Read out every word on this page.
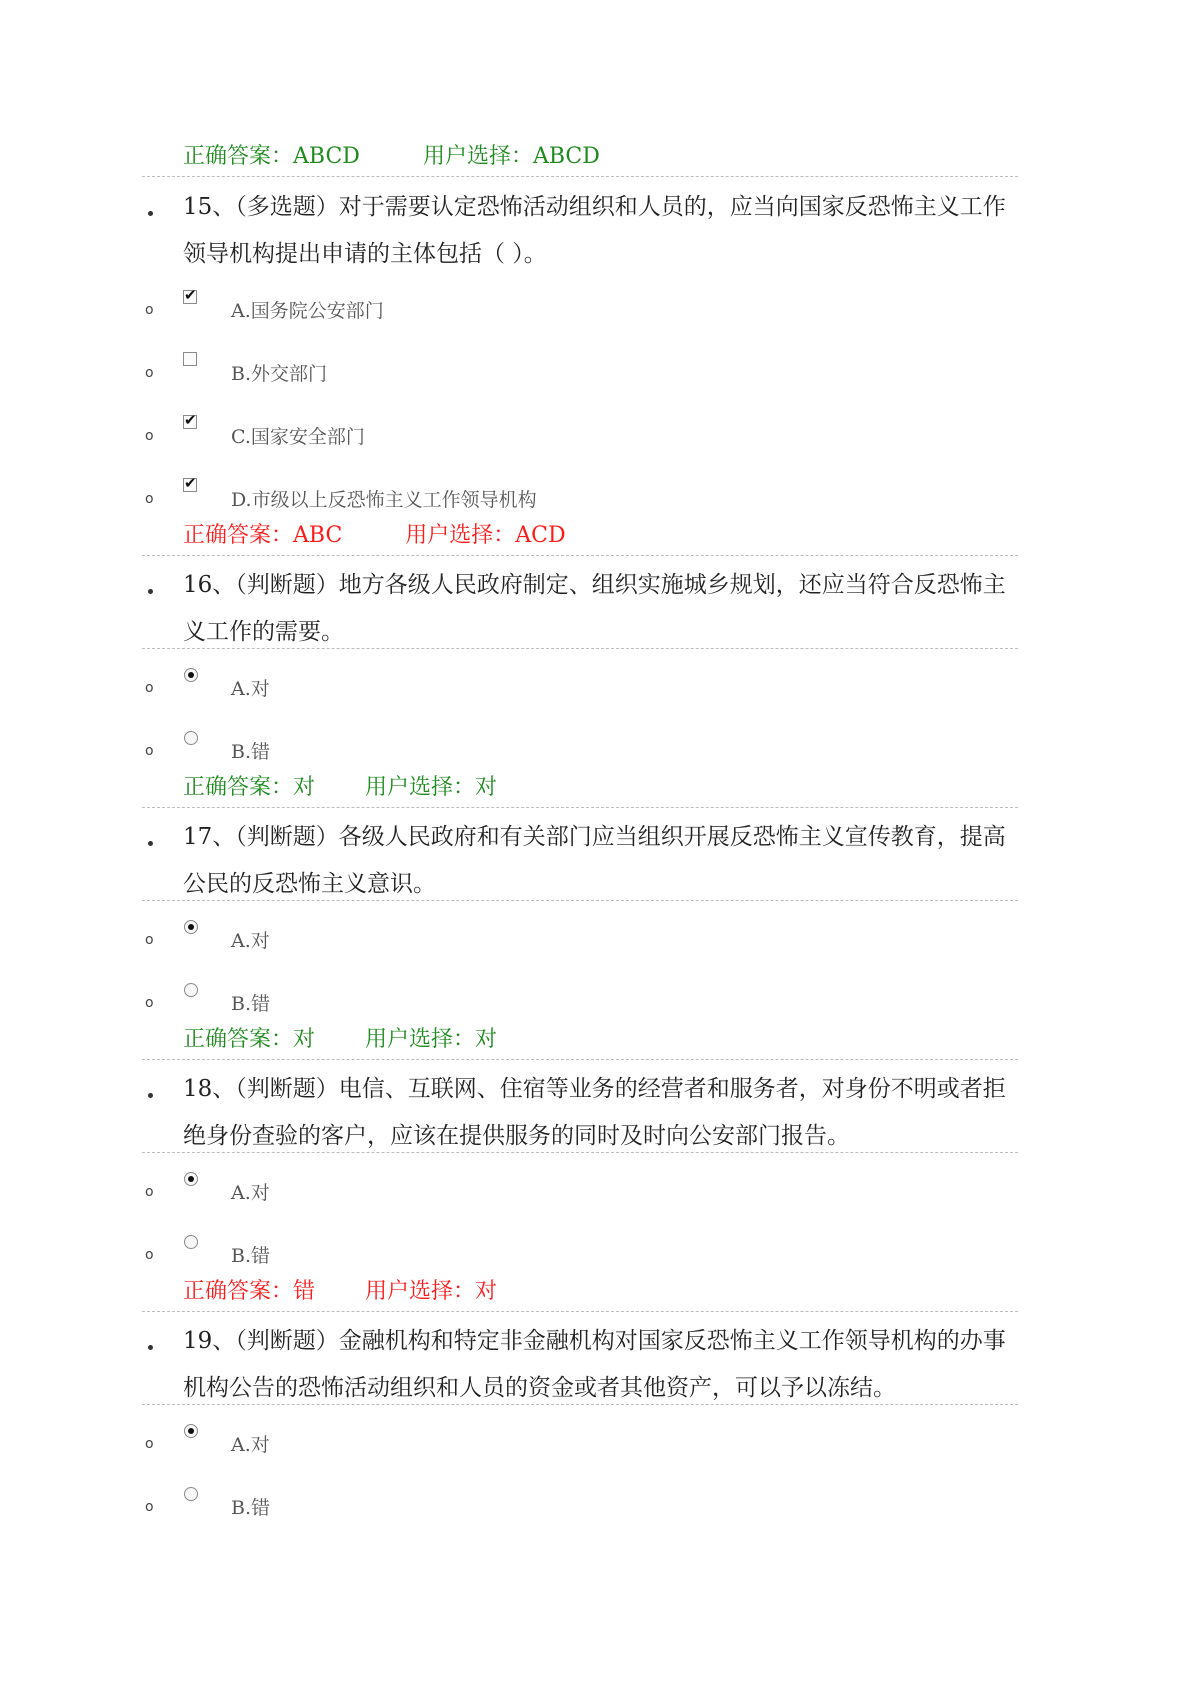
正确答案：ABCD	用户选择：ABCD
15、（多选题）对于需要认定恐怖活动组织和人员的，应当向国家反恐怖主义工作领导机构提出申请的主体包括（ ）。
o
✔	A.国务院公安部门
o	B.外交部门
o
✔	C.国家安全部门
o
✔	D.市级以上反恐怖主义工作领导机构
正确答案：ABC	用户选择：ACD
16、（判断题）地方各级人民政府制定、组织实施城乡规划，还应当符合反恐怖主义工作的需要。
o	A.对
o	B.错
正确答案：对 用户选择：对
17、（判断题）各级人民政府和有关部门应当组织开展反恐怖主义宣传教育，提高公民的反恐怖主义意识。
o	A.对
o	B.错
正确答案：对 用户选择：对
18、（判断题）电信、互联网、住宿等业务的经营者和服务者，对身份不明或者拒绝身份查验的客户，应该在提供服务的同时及时向公安部门报告。
o	A.对
o	B.错
正确答案：错 用户选择：对
19、（判断题）金融机构和特定非金融机构对国家反恐怖主义工作领导机构的办事机构公告的恐怖活动组织和人员的资金或者其他资产，可以予以冻结。
o	A.对
o	B.错
